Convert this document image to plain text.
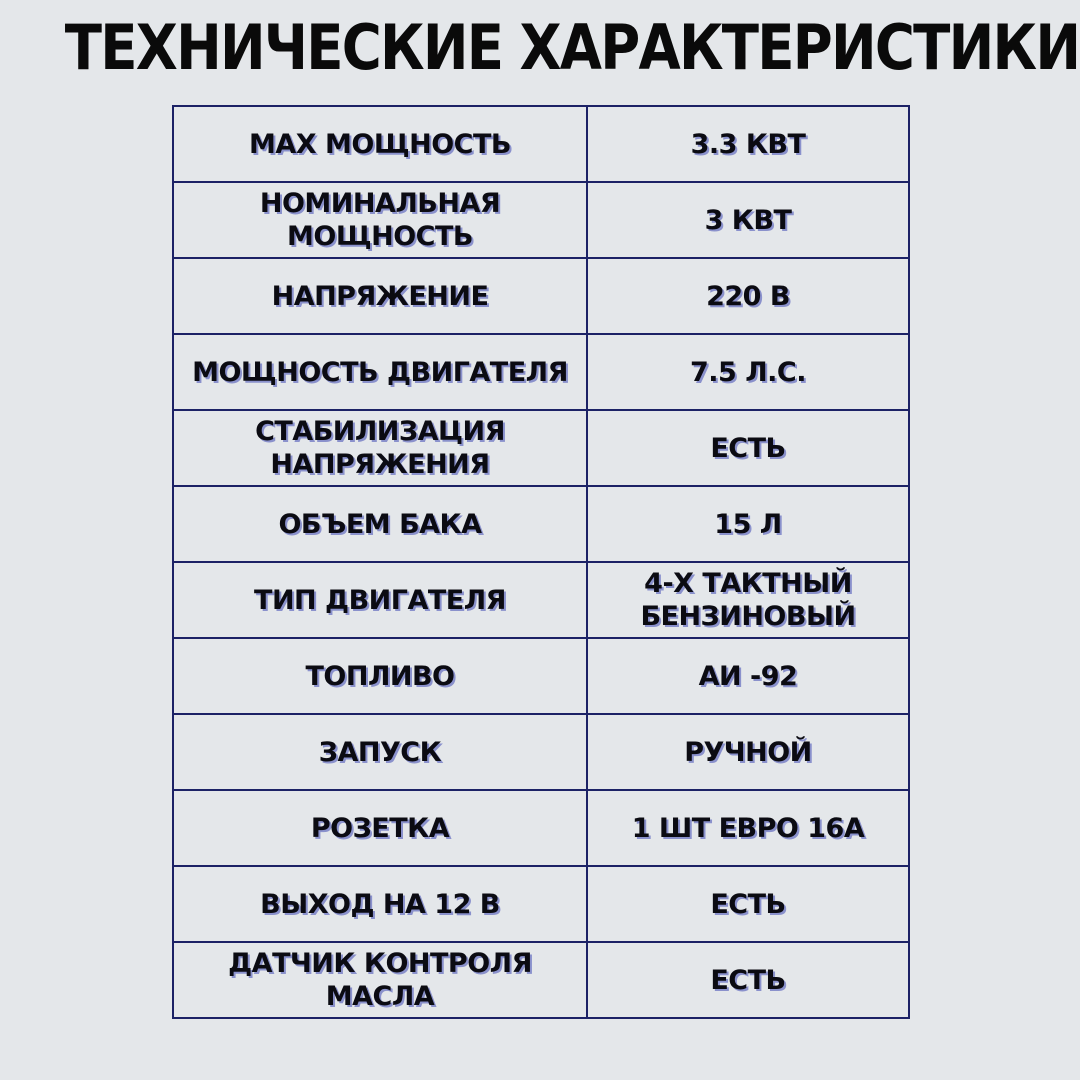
ТЕХНИЧЕСКИЕ ХАРАКТЕРИСТИКИ
MAX МОЩНОСТЬ	3.3 КВТ
НОМИНАЛЬНАЯ МОЩНОСТЬ	3 КВТ
НАПРЯЖЕНИЕ	220 В
МОЩНОСТЬ ДВИГАТЕЛЯ	7.5 Л.С.
СТАБИЛИЗАЦИЯ НАПРЯЖЕНИЯ	ЕСТЬ
ОБЪЕМ БАКА	15 Л
ТИП ДВИГАТЕЛЯ	4-Х ТАКТНЫЙ БЕНЗИНОВЫЙ
ТОПЛИВО	АИ -92
ЗАПУСК	РУЧНОЙ
РОЗЕТКА	1 ШТ ЕВРО 16А
ВЫХОД НА 12 В	ЕСТЬ
ДАТЧИК КОНТРОЛЯ МАСЛА	ЕСТЬ
